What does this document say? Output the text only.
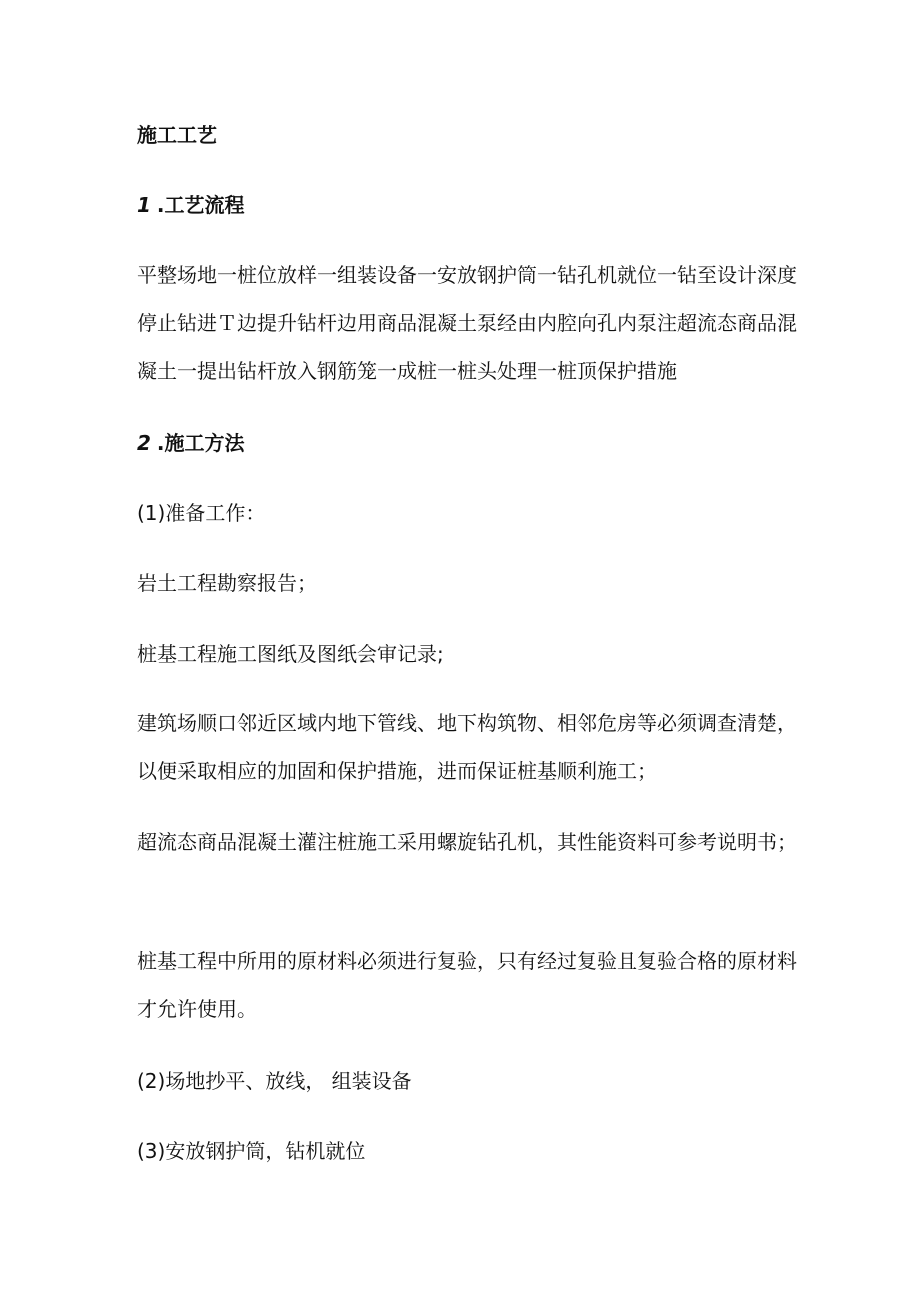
施工工艺
1 .工艺流程
平整场地一桩位放样一组装设备一安放钢护筒一钻孔机就位一钻至设计深度停止钻进Ｔ边提升钻杆边用商品混凝土泵经由内腔向孔内泵注超流态商品混凝土一提出钻杆放入钢筋笼一成桩一桩头处理一桩顶保护措施
2 .施工方法
(1)准备工作：
岩土工程勘察报告；
桩基工程施工图纸及图纸会审记录;
建筑场顺口邻近区域内地下管线、地下构筑物、相邻危房等必须调查清楚，以便采取相应的加固和保护措施，进而保证桩基顺利施工；
超流态商品混凝土灌注桩施工采用螺旋钻孔机，其性能资料可参考说明书；
桩基工程中所用的原材料必须进行复验，只有经过复验且复验合格的原材料才允许使用。
(2)场地抄平、放线， 组装设备
(3)安放钢护筒，钻机就位
